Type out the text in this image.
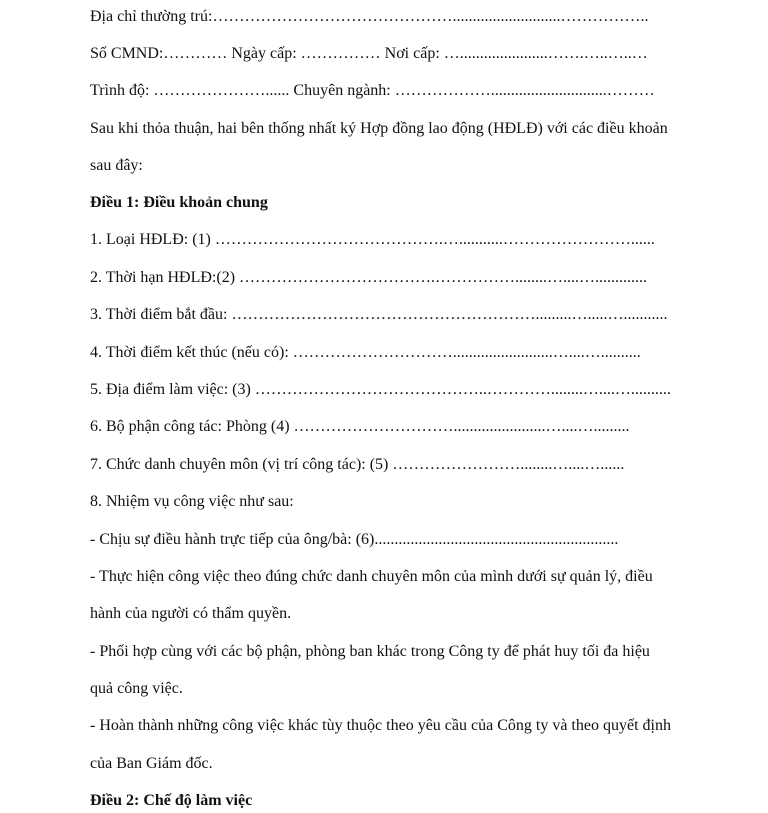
Địa chỉ thường trú:………………………………………...........................……………..
Số CMND:………… Ngày cấp: …………… Nơi cấp: …......................…….…..…..…
Trình độ: …………………...... Chuyên ngành: ……………….............................………
Sau khi thỏa thuận, hai bên thống nhất ký Hợp đồng lao động (HĐLĐ) với các điều khoản
sau đây:
Điều 1: Điều khoản chung
1. Loại HĐLĐ: (1) …………………………………….…...........……………………......
2. Thời hạn HĐLĐ:(2) ……………………………….……………........…....….............
3. Thời điểm bắt đầu: ………………………………………………….........….....…...........
4. Thời điểm kết thúc (nếu có): ………………………….........................…....…..........
5. Địa điểm làm việc: (3) ……………………………………..…………........…....…..........
6. Bộ phận công tác: Phòng (4) ………………………….......................…....….........
7. Chức danh chuyên môn (vị trí công tác): (5) ……………………........…....…......
8. Nhiệm vụ công việc như sau:
- Chịu sự điều hành trực tiếp của ông/bà: (6).............................................................
- Thực hiện công việc theo đúng chức danh chuyên môn của mình dưới sự quản lý, điều
hành của người có thẩm quyền.
- Phối hợp cùng với các bộ phận, phòng ban khác trong Công ty để phát huy tối đa hiệu
quả công việc.
- Hoàn thành những công việc khác tùy thuộc theo yêu cầu của Công ty và theo quyết định
của Ban Giám đốc.
Điều 2: Chế độ làm việc
